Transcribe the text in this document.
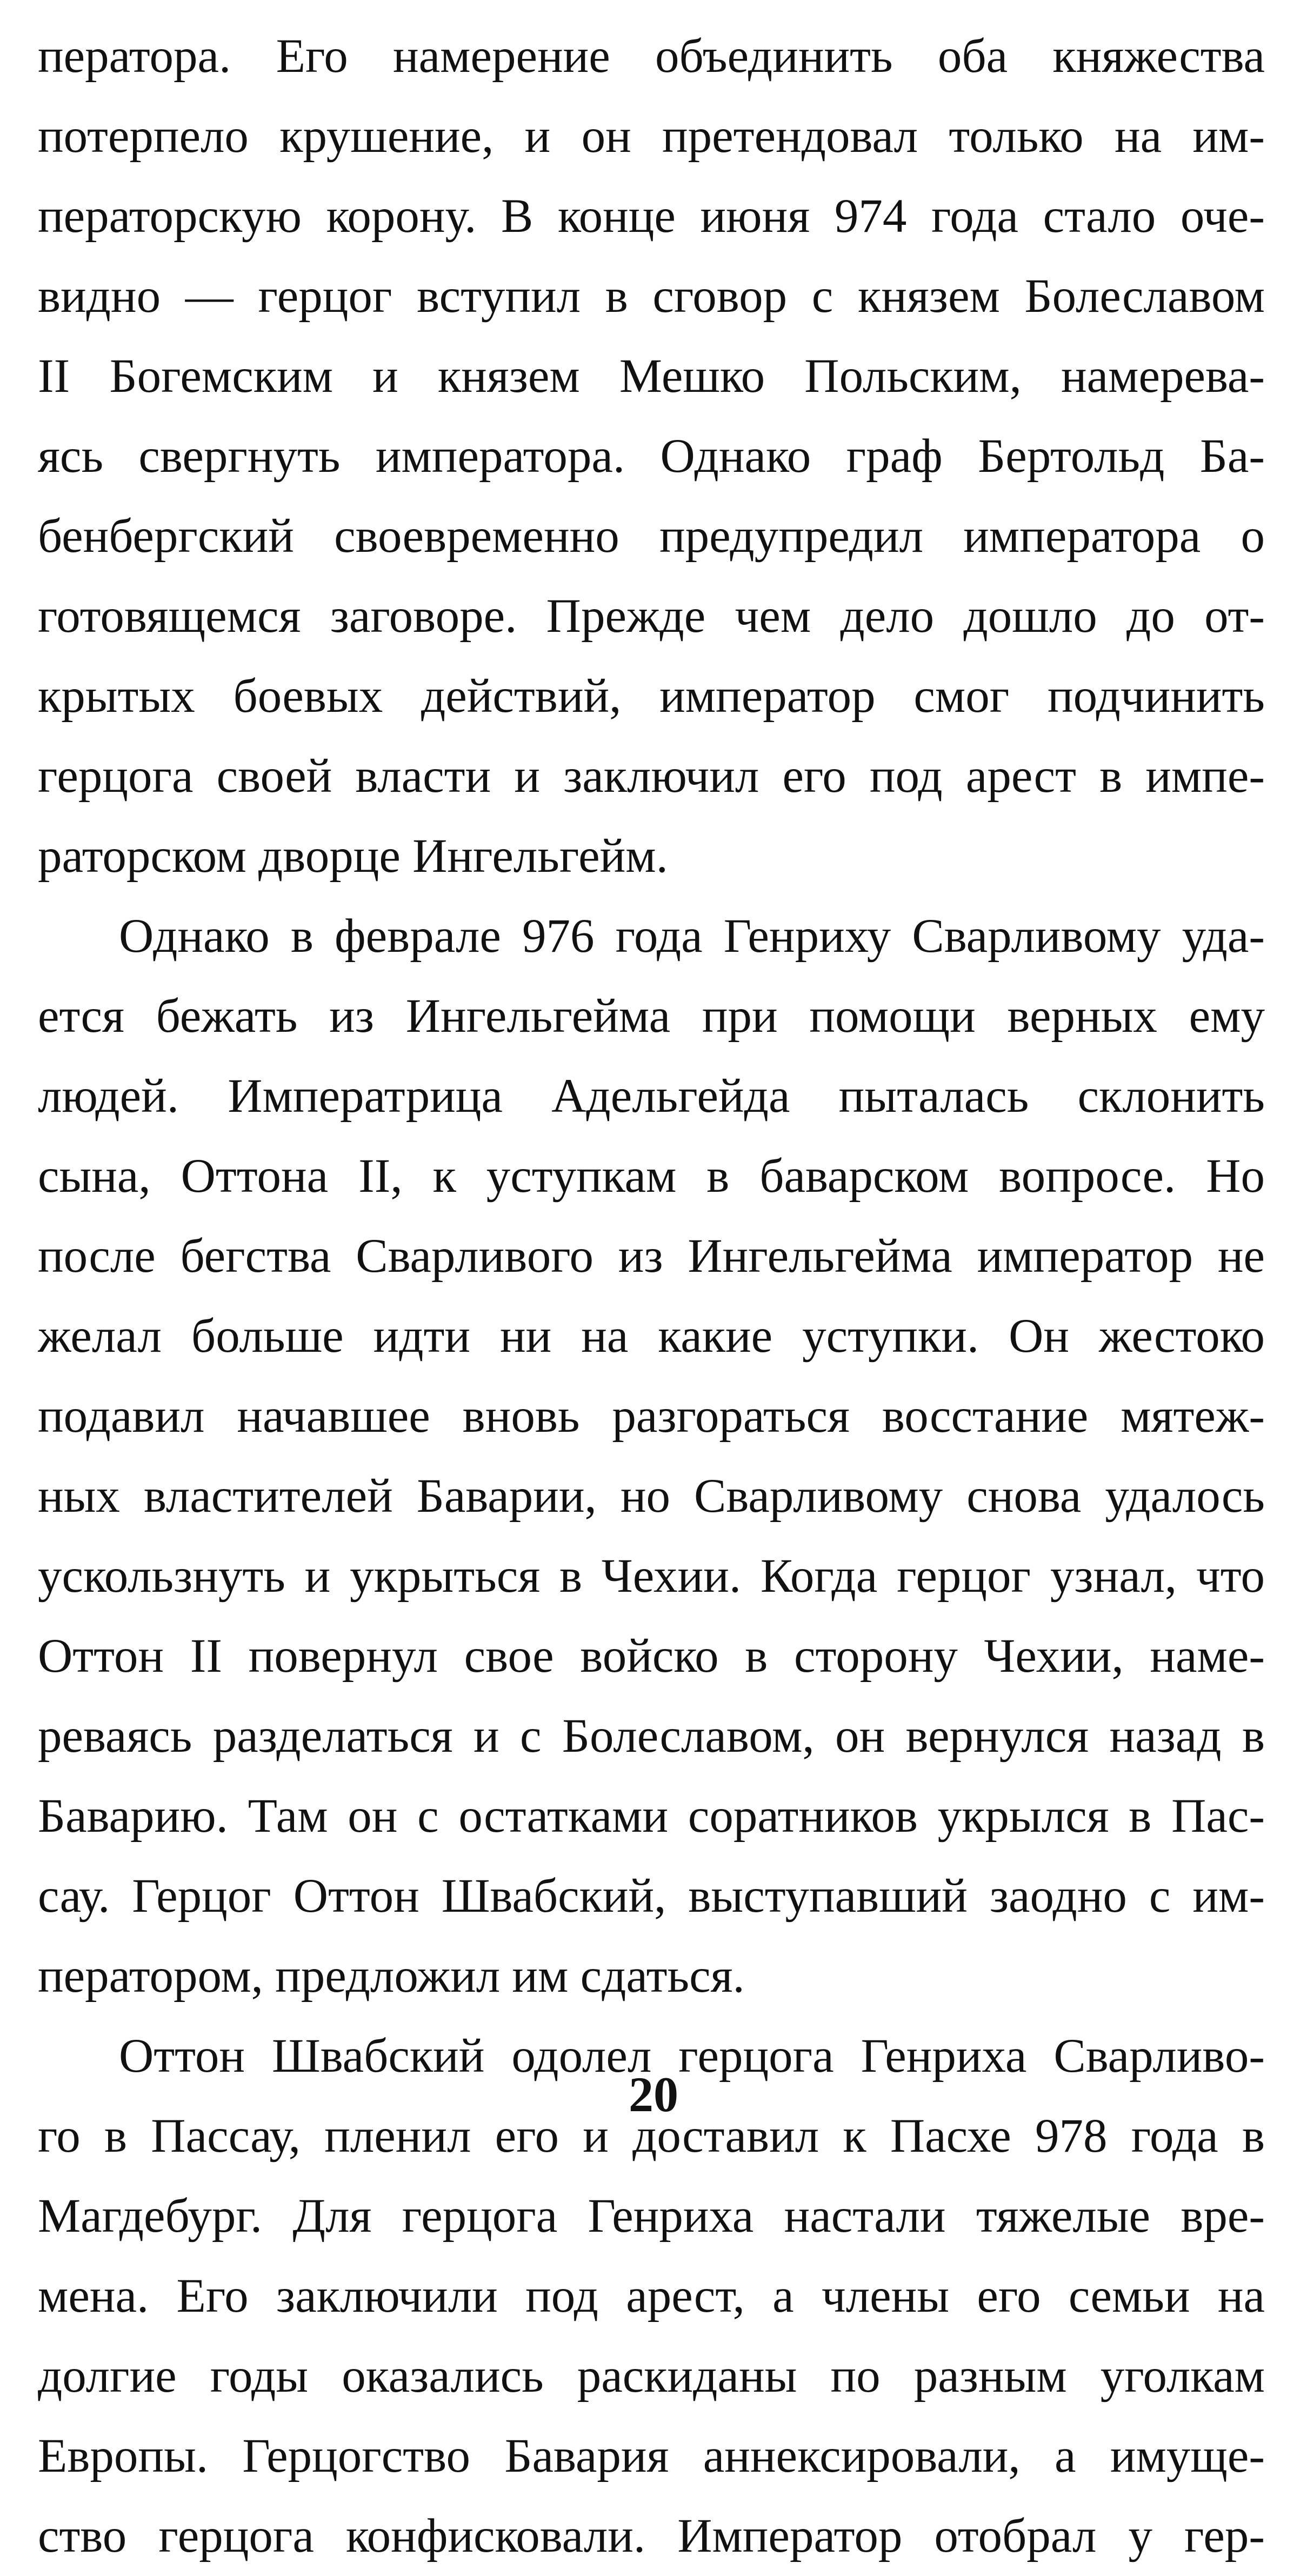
ператора. Его намерение объединить оба княжества
потерпело крушение, и он претендовал только на им-
ператорскую корону. В конце июня 974 года стало оче-
видно — герцог вступил в сговор с князем Болеславом
II Богемским и князем Мешко Польским, намерева-
ясь свергнуть императора. Однако граф Бертольд Ба-
бенбергский своевременно предупредил императора о
готовящемся заговоре. Прежде чем дело дошло до от-
крытых боевых действий, император смог подчинить
герцога своей власти и заключил его под арест в импе-
раторском дворце Ингельгейм.
Однако в феврале 976 года Генриху Сварливому уда-
ется бежать из Ингельгейма при помощи верных ему
людей. Императрица Адельгейда пыталась склонить
сына, Оттона II, к уступкам в баварском вопросе. Но
после бегства Сварливого из Ингельгейма император не
желал больше идти ни на какие уступки. Он жестоко
подавил начавшее вновь разгораться восстание мятеж-
ных властителей Баварии, но Сварливому снова удалось
ускользнуть и укрыться в Чехии. Когда герцог узнал, что
Оттон II повернул свое войско в сторону Чехии, наме-
реваясь разделаться и с Болеславом, он вернулся назад в
Баварию. Там он с остатками соратников укрылся в Пас-
сау. Герцог Оттон Швабский, выступавший заодно с им-
ператором, предложил им сдаться.
Оттон Швабский одолел герцога Генриха Сварливо-
го в Пассау, пленил его и доставил к Пасхе 978 года в
Магдебург. Для герцога Генриха настали тяжелые вре-
мена. Его заключили под арест, а члены его семьи на
долгие годы оказались раскиданы по разным уголкам
Европы. Герцогство Бавария аннексировали, а имуще-
ство герцога конфисковали. Император отобрал у гер-
20
